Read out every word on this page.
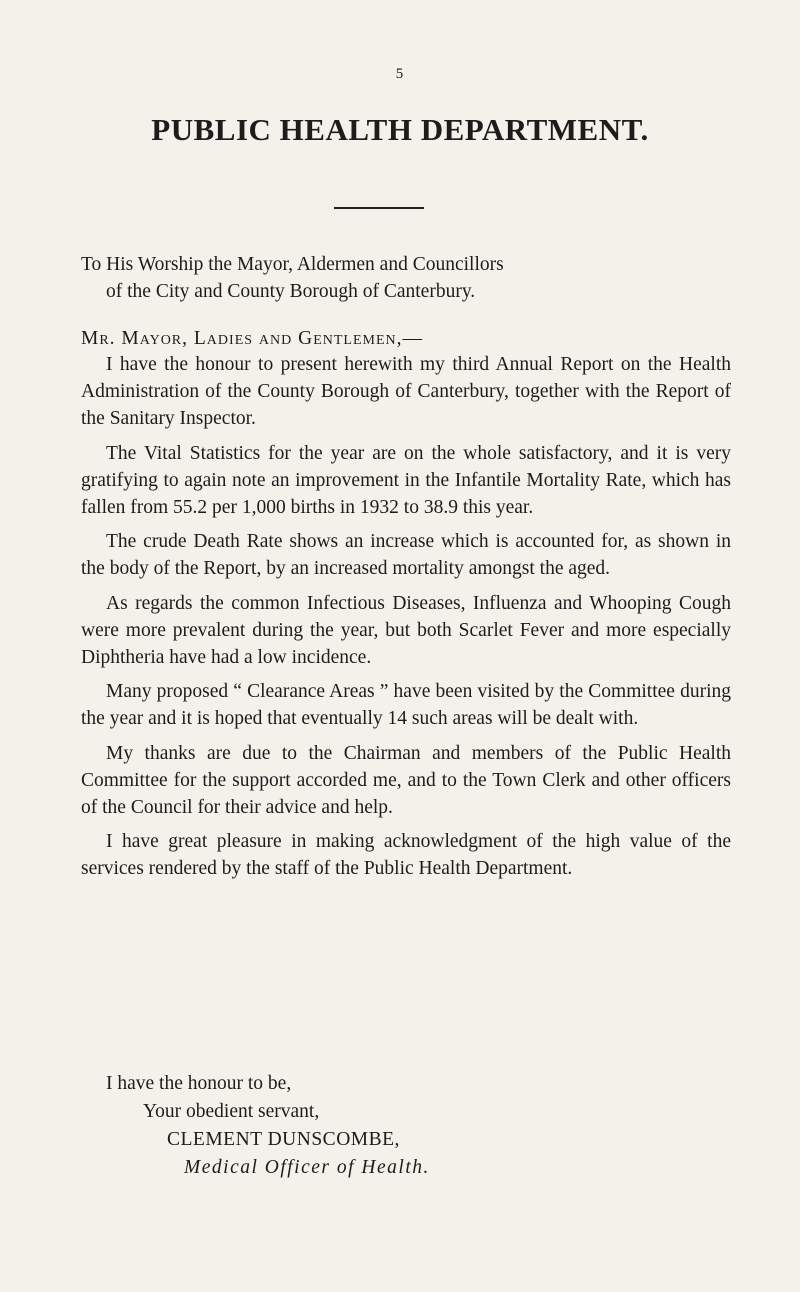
5
PUBLIC HEALTH DEPARTMENT.

To His Worship the Mayor, Aldermen and Councillors

of the City and County Borough of Canterbury.

Mr. Mayor, Ladies and Gentlemen,—

I have the honour to present herewith my third Annual Report on the Health Administration of the County Borough of Canterbury, together with the Report of the Sanitary Inspector.

The Vital Statistics for the year are on the whole satisfactory, and it is very gratifying to again note an improvement in the Infantile Mortality Rate, which has fallen from 55.2 per 1,000 births in 1932 to 38.9 this year.

The crude Death Rate shows an increase which is accounted for, as shown in the body of the Report, by an increased mortality amongst the aged.

As regards the common Infectious Diseases, Influenza and Whooping Cough were more prevalent during the year, but both Scarlet Fever and more especially Diphtheria have had a low incidence.

Many proposed “ Clearance Areas ” have been visited by the Committee during the year and it is hoped that eventually 14 such areas will be dealt with.

My thanks are due to the Chairman and members of the Public Health Committee for the support accorded me, and to the Town Clerk and other officers of the Council for their advice and help.

I have great pleasure in making acknowledgment of the high value of the services rendered by the staff of the Public Health Department.

I have the honour to be,
Your obedient servant,
CLEMENT DUNSCOMBE,
Medical Officer of Health.
